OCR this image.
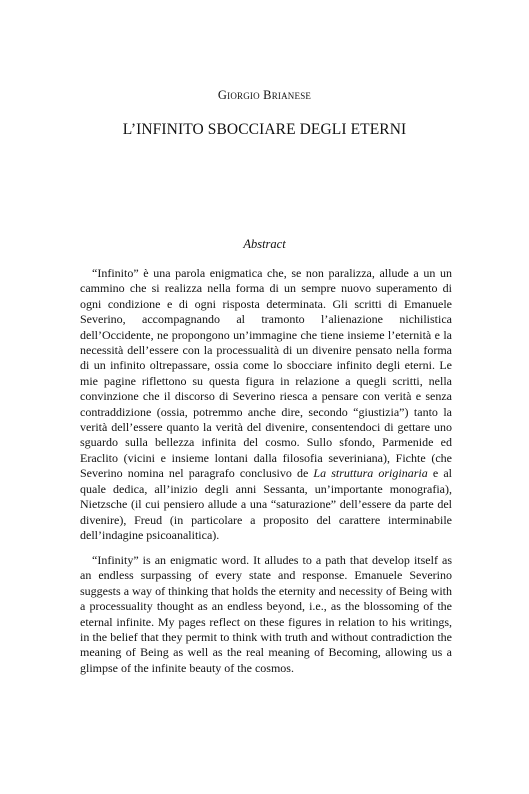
Giorgio Brianese
L’INFINITO SBOCCIARE DEGLI ETERNI
Abstract

“Infinito” è una parola enigmatica che, se non paralizza, allude a un un cammino che si realizza nella forma di un sempre nuovo superamento di ogni condizione e di ogni risposta determinata. Gli scritti di Emanuele Severino, accompagnando al tramonto l’alienazione nichilistica dell’Occidente, ne propongono un’immagine che tiene insieme l’eternità e la necessità dell’essere con la processualità di un divenire pensato nella forma di un infinito oltrepassare, ossia come lo sbocciare infinito degli eterni. Le mie pagine riflettono su questa figura in relazione a quegli scritti, nella convinzione che il discorso di Severino riesca a pensare con verità e senza contraddizione (ossia, potremmo anche dire, secondo “giustizia”) tanto la verità dell’essere quanto la verità del divenire, consentendoci di gettare uno sguardo sulla bellezza infinita del cosmo. Sullo sfondo, Parmenide ed Eraclito (vicini e insieme lontani dalla filosofia severiniana), Fichte (che Severino nomina nel paragrafo conclusivo de La struttura originaria e al quale dedica, all’inizio degli anni Sessanta, un’importante monografia), Nietzsche (il cui pensiero allude a una “saturazione” dell’essere da parte del divenire), Freud (in particolare a proposito del carattere interminabile dell’indagine psicoanalitica).

“Infinity” is an enigmatic word. It alludes to a path that develop itself as an endless surpassing of every state and response. Emanuele Severino suggests a way of thinking that holds the eternity and necessity of Being with a processuality thought as an endless beyond, i.e., as the blossoming of the eternal infinite. My pages reflect on these figures in relation to his writings, in the belief that they permit to think with truth and without contradiction the meaning of Being as well as the real meaning of Becoming, allowing us a glimpse of the infinite beauty of the cosmos.
